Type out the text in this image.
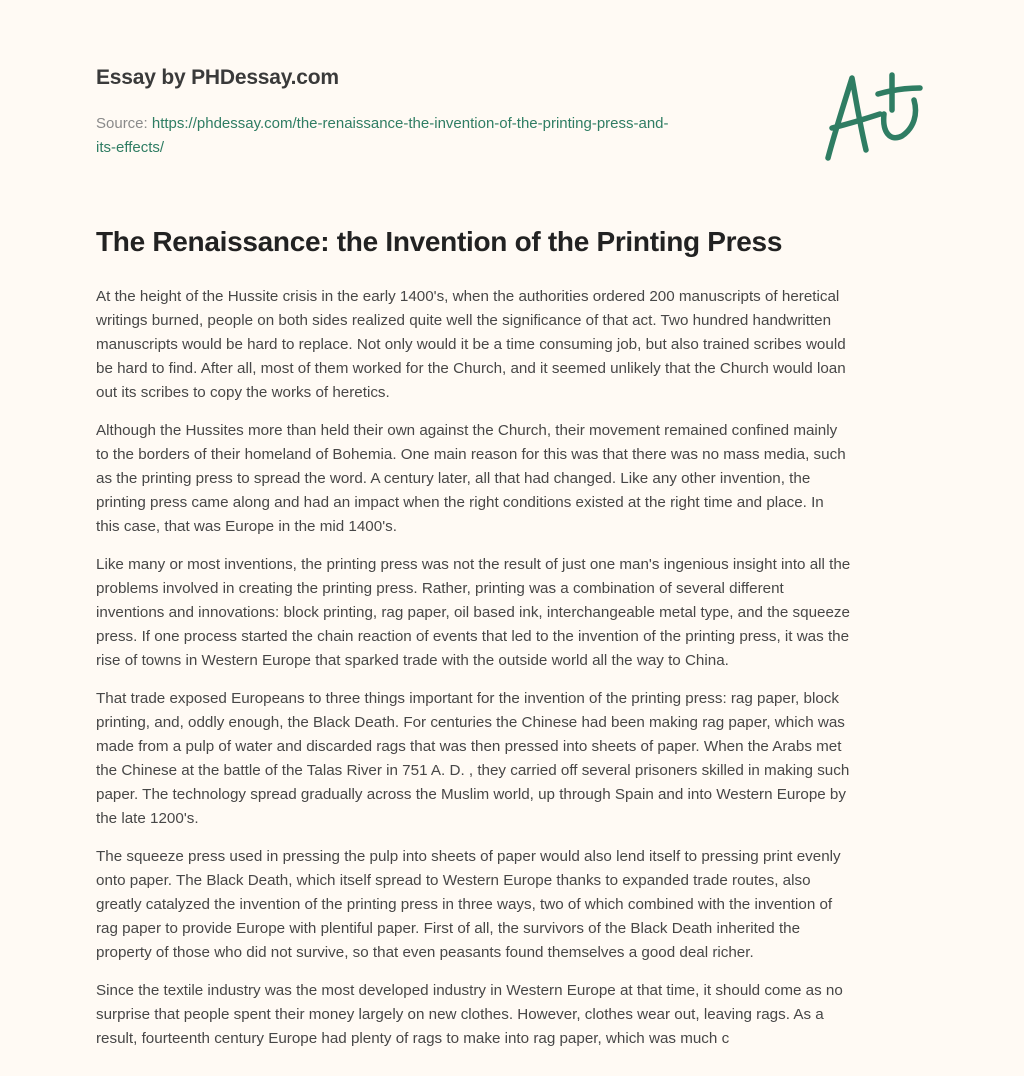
Essay by PHDessay.com
Source: https://phdessay.com/the-renaissance-the-invention-of-the-printing-press-and-
its-effects/
The Renaissance: the Invention of the Printing Press

At the height of the Hussite crisis in the early 1400's, when the authorities ordered 200 manuscripts of heretical
writings burned, people on both sides realized quite well the significance of that act. Two hundred handwritten
manuscripts would be hard to replace. Not only would it be a time consuming job, but also trained scribes would
be hard to find. After all, most of them worked for the Church, and it seemed unlikely that the Church would loan
out its scribes to copy the works of heretics.

Although the Hussites more than held their own against the Church, their movement remained confined mainly
to the borders of their homeland of Bohemia. One main reason for this was that there was no mass media, such
as the printing press to spread the word. A century later, all that had changed. Like any other invention, the
printing press came along and had an impact when the right conditions existed at the right time and place. In
this case, that was Europe in the mid 1400's.

Like many or most inventions, the printing press was not the result of just one man's ingenious insight into all the
problems involved in creating the printing press. Rather, printing was a combination of several different
inventions and innovations: block printing, rag paper, oil based ink, interchangeable metal type, and the squeeze
press. If one process started the chain reaction of events that led to the invention of the printing press, it was the
rise of towns in Western Europe that sparked trade with the outside world all the way to China.

That trade exposed Europeans to three things important for the invention of the printing press: rag paper, block
printing, and, oddly enough, the Black Death. For centuries the Chinese had been making rag paper, which was
made from a pulp of water and discarded rags that was then pressed into sheets of paper. When the Arabs met
the Chinese at the battle of the Talas River in 751 A. D. , they carried off several prisoners skilled in making such
paper. The technology spread gradually across the Muslim world, up through Spain and into Western Europe by
the late 1200's.

The squeeze press used in pressing the pulp into sheets of paper would also lend itself to pressing print evenly
onto paper. The Black Death, which itself spread to Western Europe thanks to expanded trade routes, also
greatly catalyzed the invention of the printing press in three ways, two of which combined with the invention of
rag paper to provide Europe with plentiful paper. First of all, the survivors of the Black Death inherited the
property of those who did not survive, so that even peasants found themselves a good deal richer.

Since the textile industry was the most developed industry in Western Europe at that time, it should come as no
surprise that people spent their money largely on new clothes. However, clothes wear out, leaving rags. As a
result, fourteenth century Europe had plenty of rags to make into rag paper, which was much c
